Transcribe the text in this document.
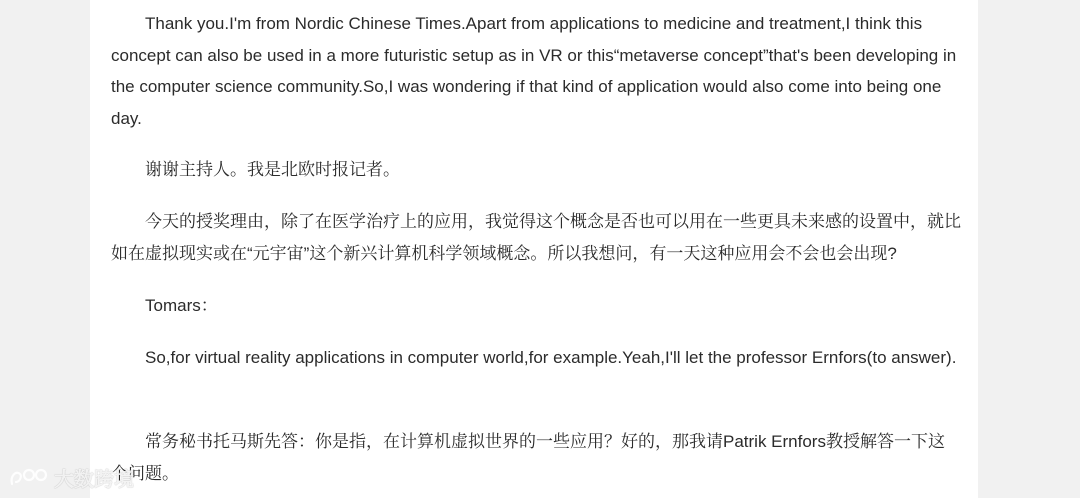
Thank you.I'm from Nordic Chinese Times.Apart from applications to medicine and treatment,I think this concept can also be used in a more futuristic setup as in VR or this“metaverse concept”that's been developing in the computer science community.So,I was wondering if that kind of application would also come into being one day.

谢谢主持人。我是北欧时报记者。

今天的授奖理由，除了在医学治疗上的应用，我觉得这个概念是否也可以用在一些更具未来感的设置中，就比如在虚拟现实或在“元宇宙”这个新兴计算机科学领域概念。所以我想问，有一天这种应用会不会也会出现?

Tomars：

So,for virtual reality applications in computer world,for example.Yeah,I'll let the professor Ernfors(to answer).

常务秘书托马斯先答：你是指，在计算机虚拟世界的一些应用？好的，那我请Patrik Ernfors教授解答一下这个问题。

大数跨境
